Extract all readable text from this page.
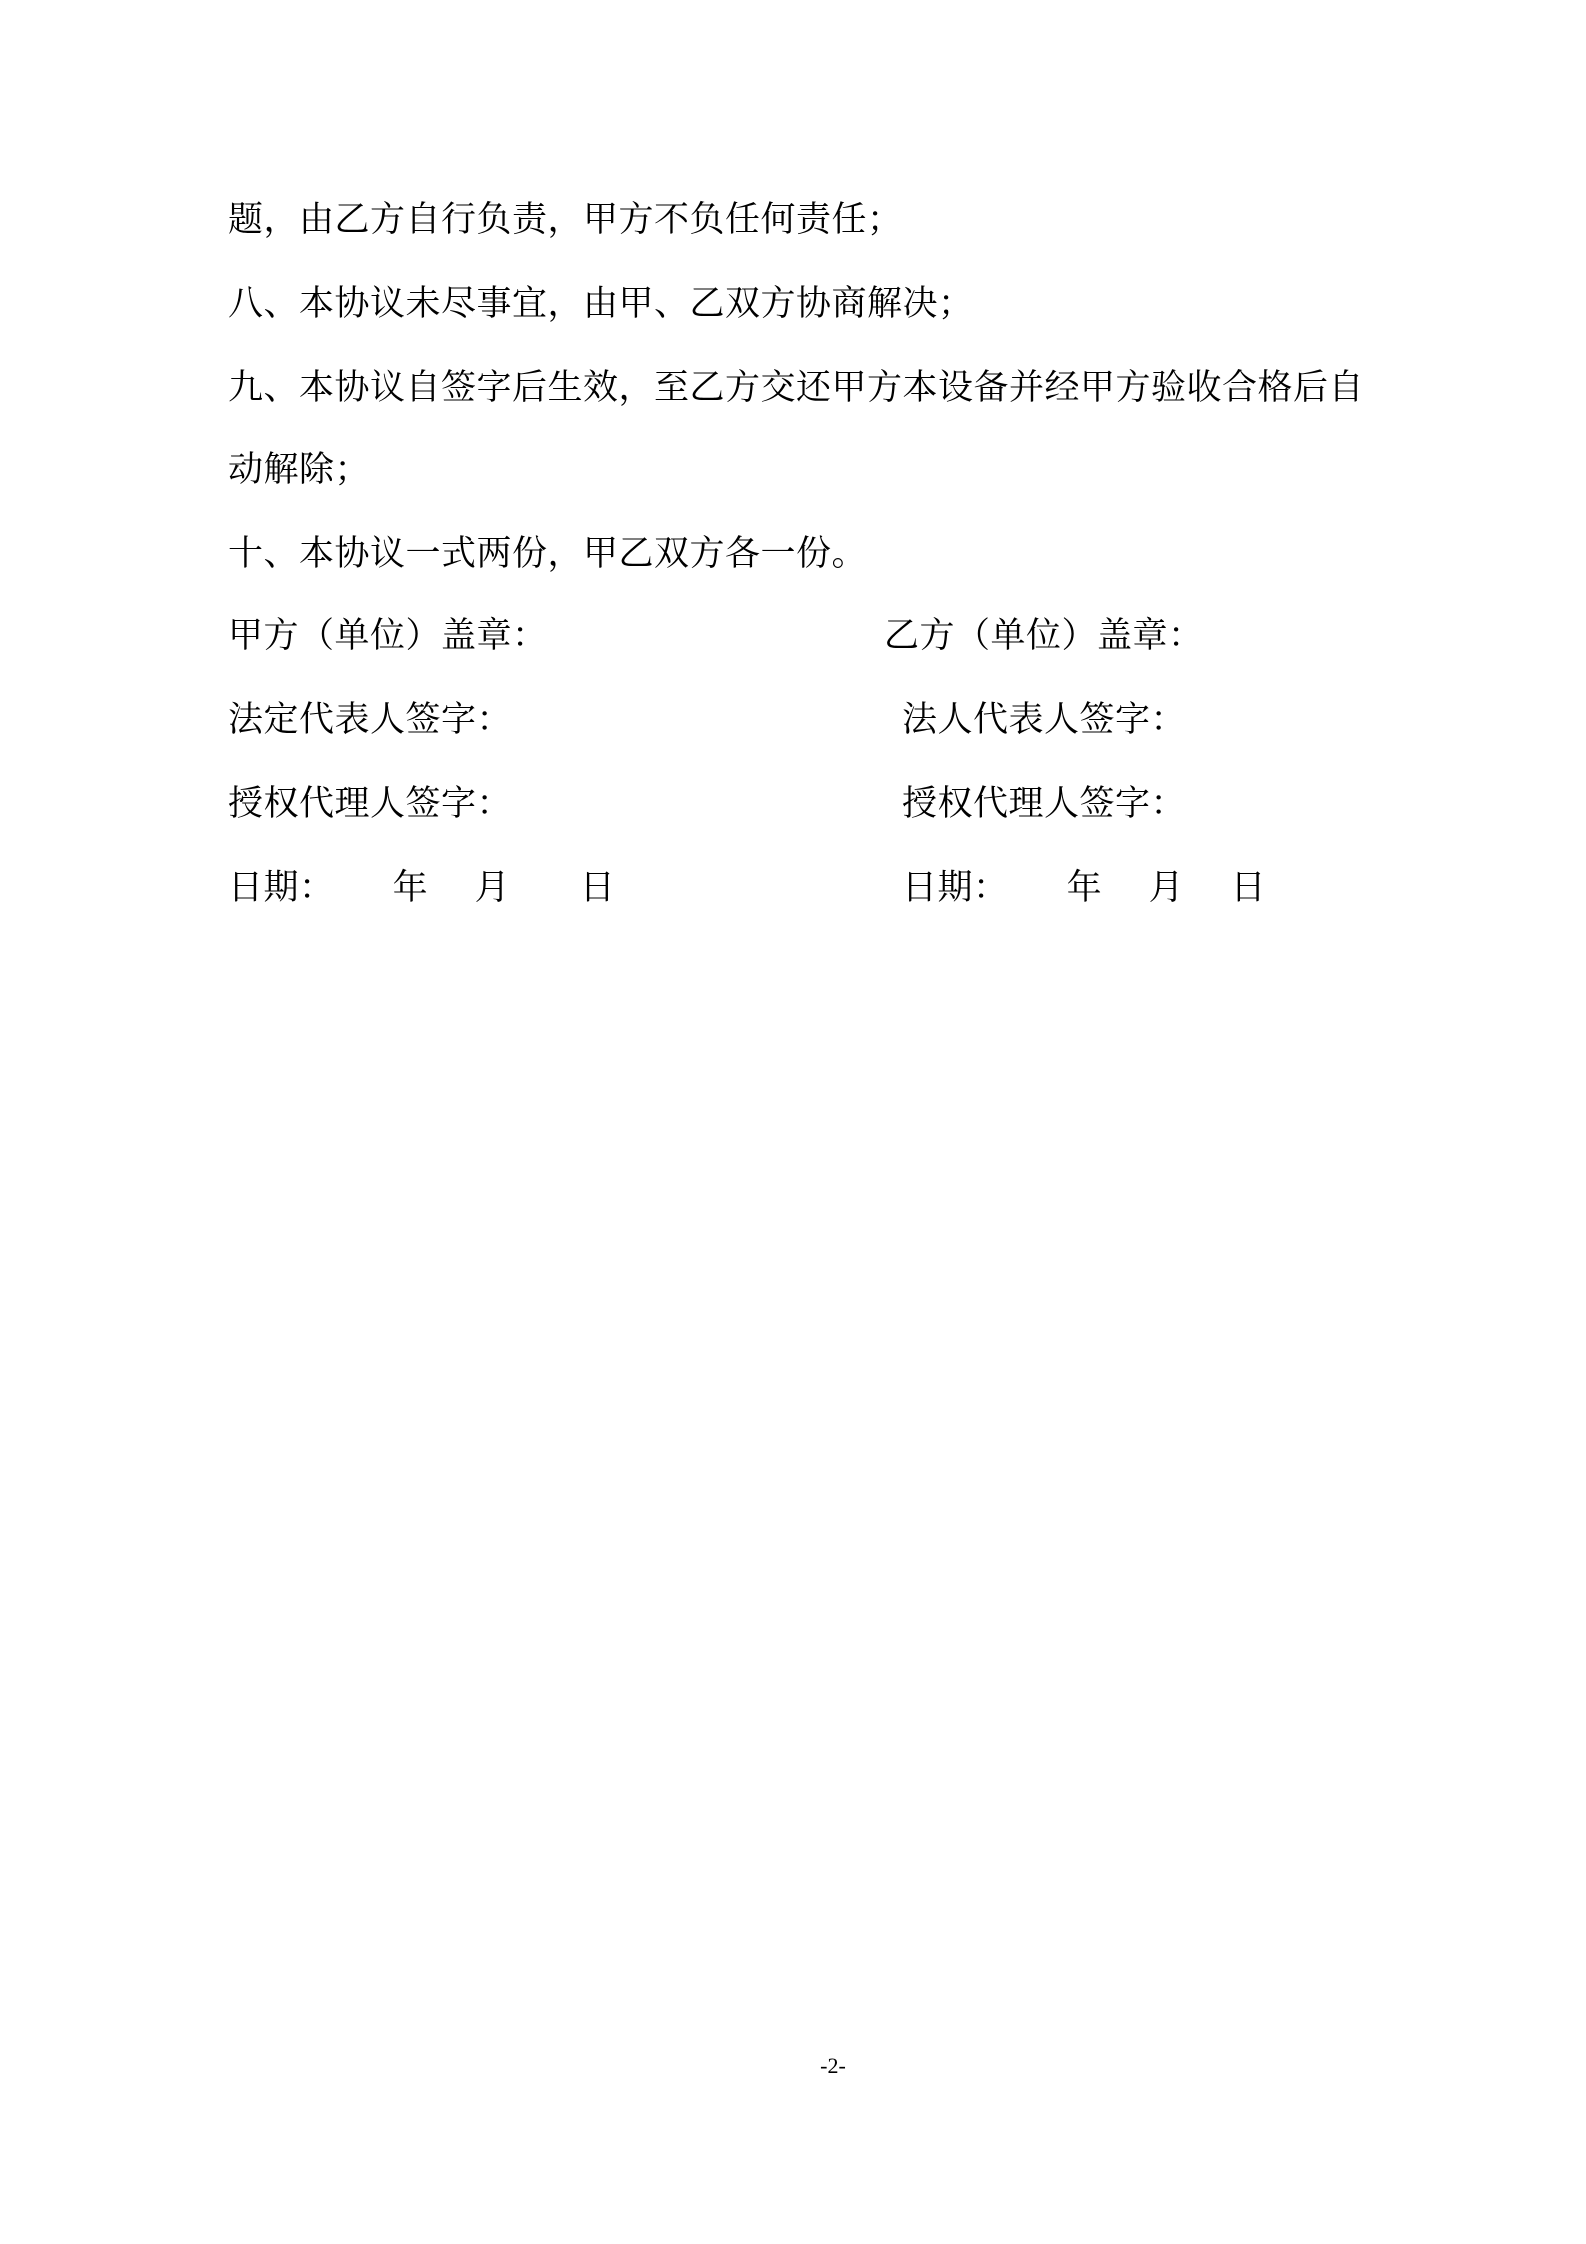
题，由乙方自行负责，甲方不负任何责任；
八、本协议未尽事宜，由甲、乙双方协商解决；
九、本协议自签字后生效，至乙方交还甲方本设备并经甲方验收合格后自
动解除；
十、本协议一式两份，甲乙双方各一份。
甲方（单位）盖章：
法定代表人签字：
授权代理人签字：
日期：     年    月      日
乙方（单位）盖章：
法人代表人签字：
授权代理人签字：
日期：     年    月    日
-2-
